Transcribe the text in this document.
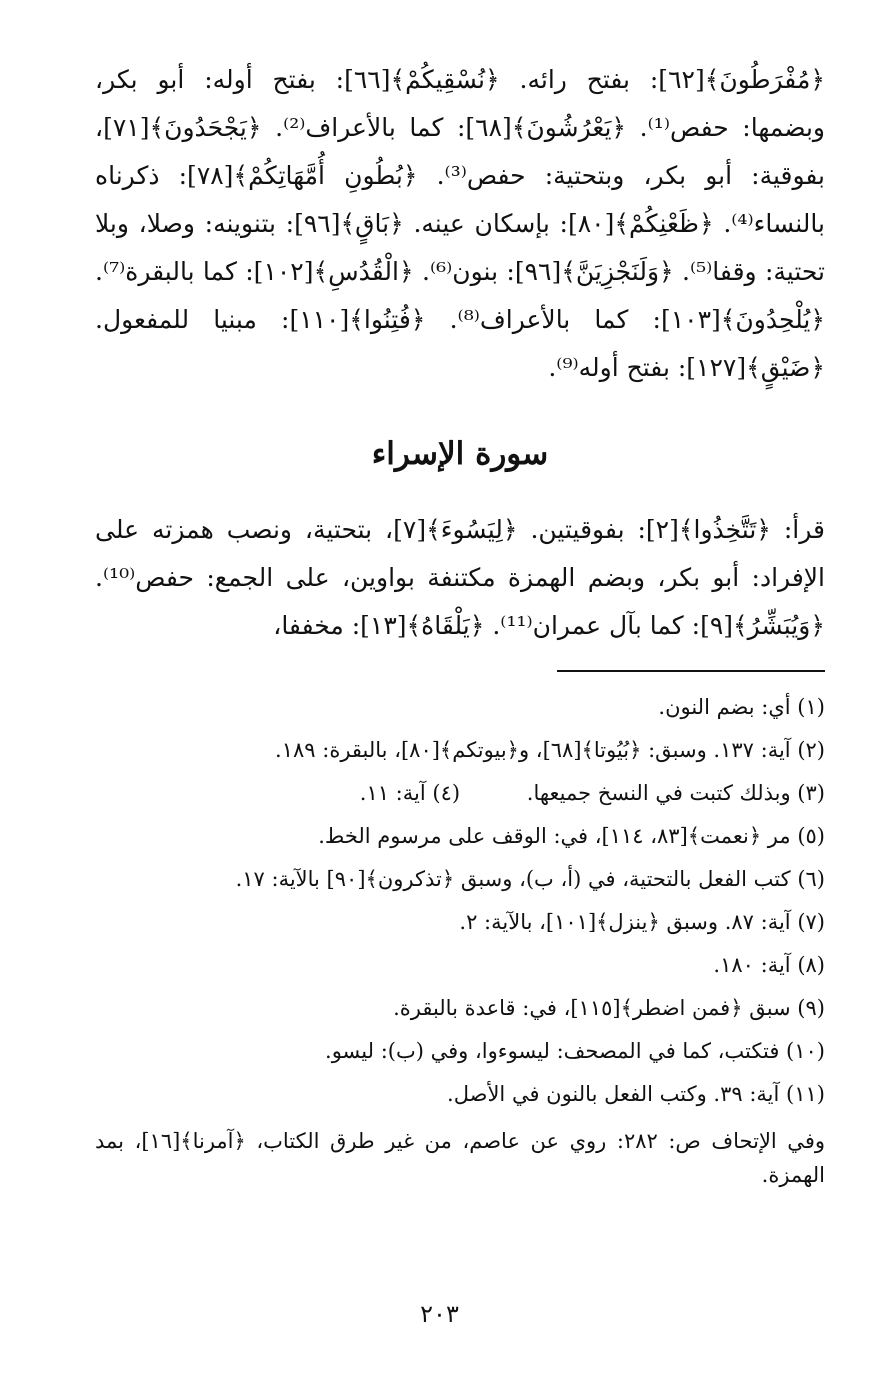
﴿مُفْرَطُونَ﴾[٦٢]: بفتح رائه. ﴿نُسْقِيكُمْ﴾[٦٦]: بفتح أوله: أبو بكر، وبضمها: حفص⁽¹⁾. ﴿يَعْرُشُونَ﴾[٦٨]: كما بالأعراف⁽²⁾. ﴿يَجْحَدُونَ﴾[٧١]، بفوقية: أبو بكر، وبتحتية: حفص⁽³⁾. ﴿بُطُونِ أُمَّهَاتِكُمْ﴾[٧٨]: ذكرناه بالنساء⁽⁴⁾. ﴿ظَعْنِكُمْ﴾[٨٠]: بإسكان عينه. ﴿بَاقٍ﴾[٩٦]: بتنوينه: وصلا، وبلا تحتية: وقفا⁽⁵⁾. ﴿وَلَنَجْزِيَنَّ﴾[٩٦]: بنون⁽⁶⁾. ﴿الْقُدُسِ﴾[١٠٢]: كما بالبقرة⁽⁷⁾. ﴿يُلْحِدُونَ﴾[١٠٣]: كما بالأعراف⁽⁸⁾. ﴿فُتِنُوا﴾[١١٠]: مبنيا للمفعول. ﴿ضَيْقٍ﴾[١٢٧]: بفتح أوله⁽⁹⁾.

سورة الإسراء

قرأ: ﴿تَتَّخِذُوا﴾[٢]: بفوقيتين. ﴿لِيَسُوءَ﴾[٧]، بتحتية، ونصب همزته على الإفراد: أبو بكر، وبضم الهمزة مكتنفة بواوين، على الجمع: حفص⁽¹⁰⁾. ﴿وَيُبَشِّرُ﴾[٩]: كما بآل عمران⁽¹¹⁾. ﴿يَلْقَاهُ﴾[١٣]: مخففا،

(١) أي: بضم النون.

(٢) آية: ١٣٧. وسبق: ﴿بُيُوتا﴾[٦٨]، و﴿بيوتكم﴾[٨٠]، بالبقرة: ١٨٩.

(٣) وبذلك كتبت في النسخ جميعها.          (٤) آية: ١١.

(٥) مر ﴿نعمت﴾[٨٣، ١١٤]، في: الوقف على مرسوم الخط.

(٦) كتب الفعل بالتحتية، في (أ، ب)، وسبق ﴿تذكرون﴾[٩٠] بالآية: ١٧.

(٧) آية: ٨٧. وسبق ﴿ينزل﴾[١٠١]، بالآية: ٢.

(٨) آية: ١٨٠.

(٩) سبق ﴿فمن اضطر﴾[١١٥]، في: قاعدة بالبقرة.

(١٠) فتكتب، كما في المصحف: ليسوءوا، وفي (ب): ليسو.

(١١) آية: ٣٩. وكتب الفعل بالنون في الأصل.

وفي الإتحاف ص: ٢٨٢: روي عن عاصم، من غير طرق الكتاب، ﴿آمرنا﴾[١٦]، بمد الهمزة.

٢٠٣
